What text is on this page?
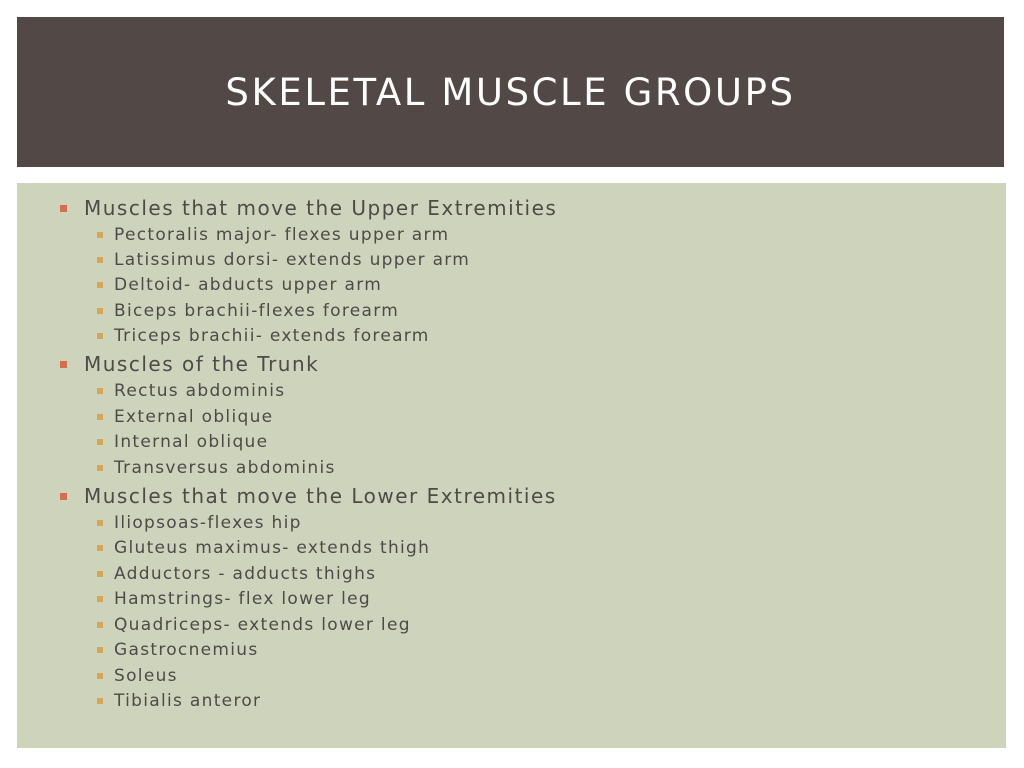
SKELETAL MUSCLE GROUPS
Muscles that move the Upper Extremities
Pectoralis major- flexes upper arm
Latissimus dorsi- extends upper arm
Deltoid- abducts upper arm
Biceps brachii-flexes forearm
Triceps brachii- extends forearm
Muscles of the Trunk
Rectus abdominis
External oblique
Internal oblique
Transversus abdominis
Muscles that move the Lower Extremities
Iliopsoas-flexes hip
Gluteus maximus- extends thigh
Adductors - adducts thighs
Hamstrings- flex lower leg
Quadriceps- extends lower leg
Gastrocnemius
Soleus
Tibialis anteror
